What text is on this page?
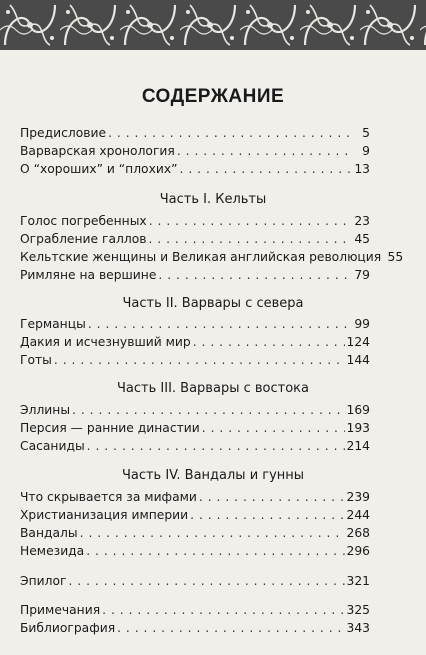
СОДЕРЖАНИЕ
Предисловие . . .	5
Варварская хронология . . .	9
О “хороших” и “плохих” . . .	13
Часть I. Кельты
Голос погребенных . . .	23
Ограбление галлов . . .	45
Кельтские женщины и Великая английская революция 55
Римляне на вершине . . .	79
Часть II. Варвары с севера
Германцы . . .	99
Дакия и исчезнувший мир . . .	124
Готы . . .	144
Часть III. Варвары с востока
Эллины . . .	169
Персия — ранние династии . . .	193
Сасаниды . . .	214
Часть IV. Вандалы и гунны
Что скрывается за мифами . . .	239
Христианизация империи . . .	244
Вандалы . . .	268
Немезида . . .	296
Эпилог . . .	321
Примечания . . .	325
Библиография . . .	343
